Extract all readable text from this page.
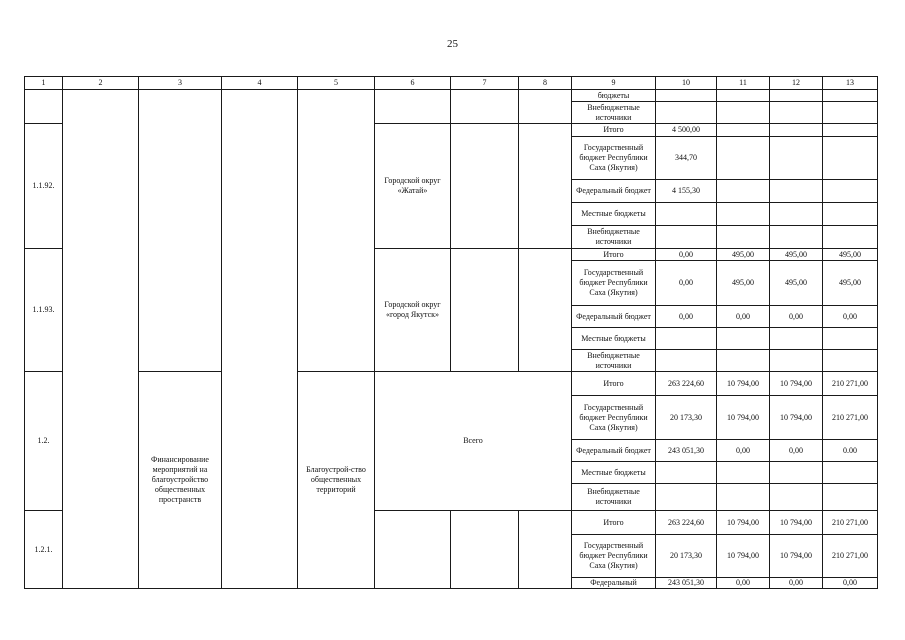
25
1	2	3	4	5	6	7	8	9	10	11	12	13
								бюджеты				
								Внебюджетные источники				
1.1.92.					Городской округ «Жатай»			Итого	4 500,00			
								Государственный бюджет Республики Саха (Якутия)	344,70			
								Федеральный бюджет	4 155,30			
								Местные бюджеты				
								Внебюджетные источники				
1.1.93.					Городской округ «город Якутск»			Итого	0,00	495,00	495,00	495,00
								Государственный бюджет Республики Саха (Якутия)	0,00	495,00	495,00	495,00
								Федеральный бюджет	0,00	0,00	0,00	0,00
								Местные бюджеты				
								Внебюджетные источники				
1.2.		Финансирование мероприятий на благоустройство общественных пространств		Благоустрой-ство общественных территорий	Всего			Итого	263 224,60	10 794,00	10 794,00	210 271,00
								Государственный бюджет Республики Саха (Якутия)	20 173,30	10 794,00	10 794,00	210 271,00
								Федеральный бюджет	243 051,30	0,00	0,00	0.00
								Местные бюджеты				
								Внебюджетные источники				
1.2.1.								Итого	263 224,60	10 794,00	10 794,00	210 271,00
								Государственный бюджет Республики Саха (Якутия)	20 173,30	10 794,00	10 794,00	210 271,00
								Федеральный	243 051,30	0,00	0,00	0,00
